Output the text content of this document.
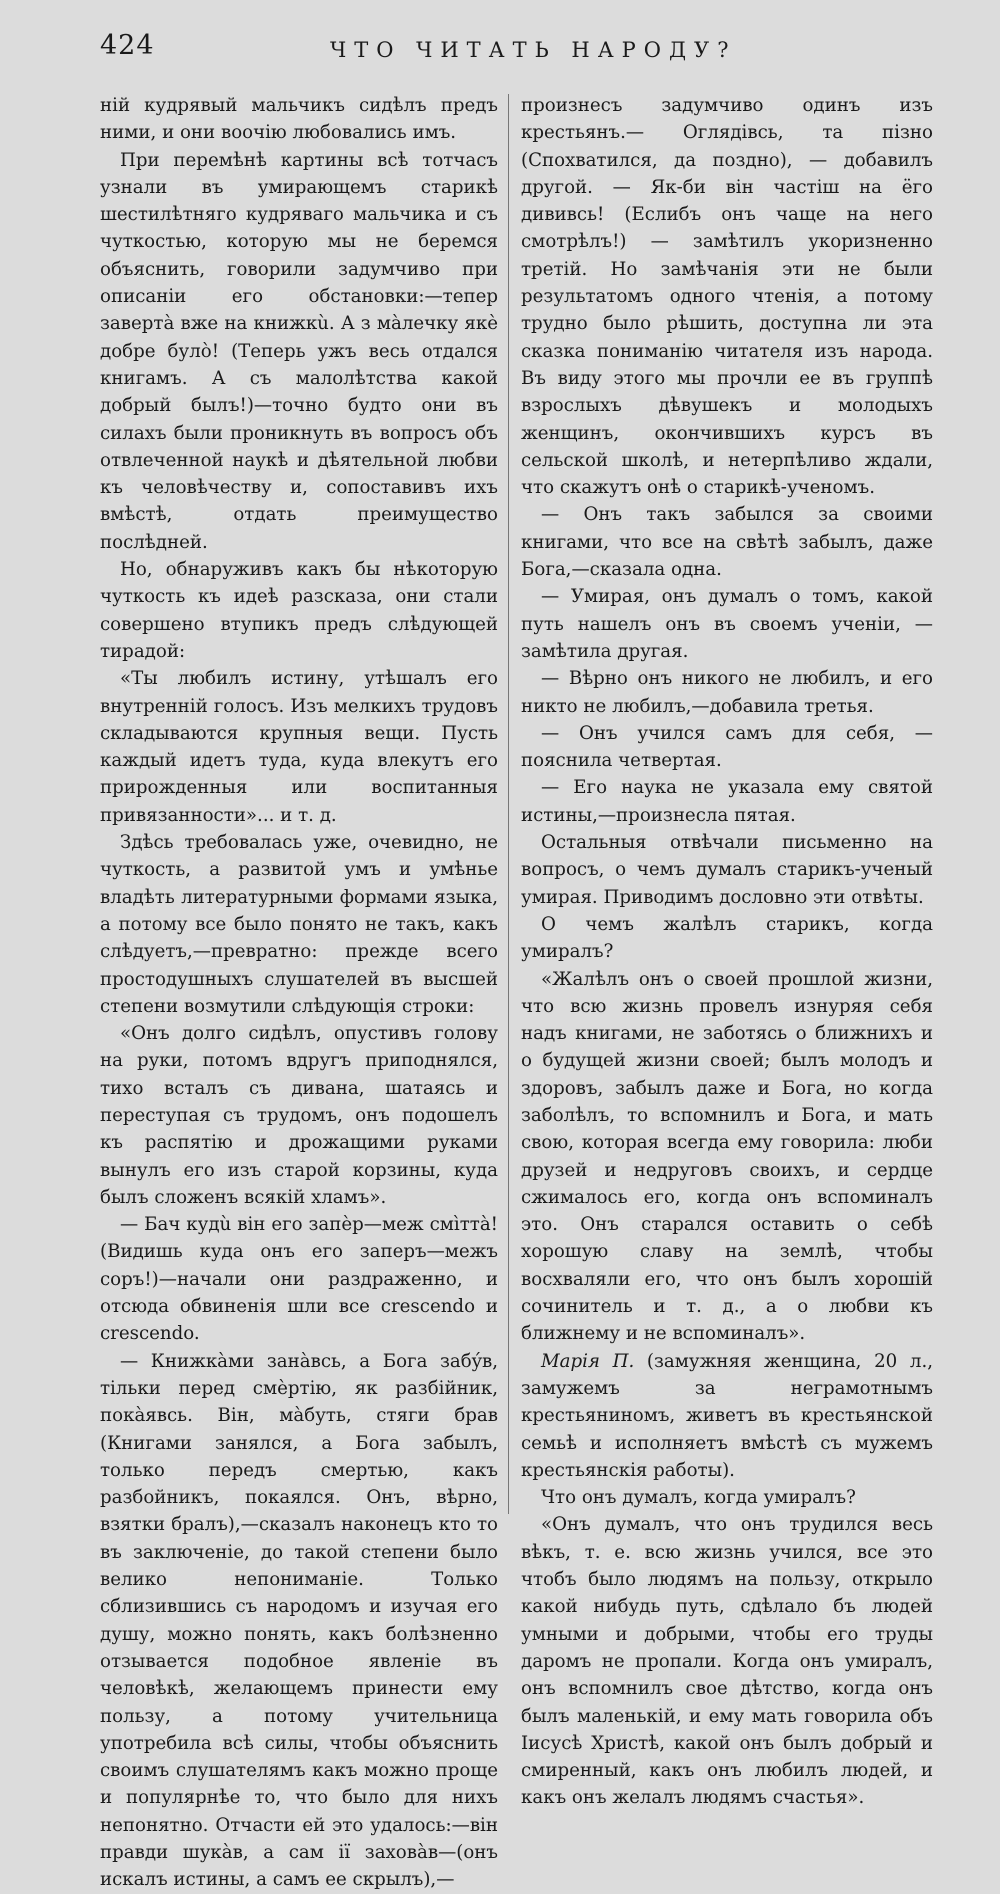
424	ЧТО ЧИТАТЬ НАРОДУ?

ній кудрявый мальчикъ сидѣлъ предъ ними, и они воочію любовались имъ.

При перемѣнѣ картины всѣ тотчасъ узнали въ умирающемъ старикѣ шестилѣтняго кудряваго мальчика и съ чуткостью, которую мы не беремся объяснить, говорили задумчиво при описаніи его обстановки:—тепер завертà вже на книжкù. А з мàлечку якѐ добре булò! (Теперь ужъ весь отдался книгамъ. А съ малолѣтства какой добрый былъ!)—точно будто они въ силахъ были проникнуть въ вопросъ объ отвлеченной наукѣ и дѣятельной любви къ человѣчеству и, сопоставивъ ихъ вмѣстѣ, отдать преимущество послѣдней.

Но, обнаруживъ какъ бы нѣкоторую чуткость къ идеѣ разсказа, они стали совершено втупикъ предъ слѣдующей тирадой:

«Ты любилъ истину, утѣшалъ его внутренній голосъ. Изъ мелкихъ трудовъ складываются крупныя вещи. Пусть каждый идетъ туда, куда влекутъ его прирожденныя или воспитанныя привязанности»... и т. д.

Здѣсь требовалась уже, очевидно, не чуткость, а развитой умъ и умѣнье владѣть литературными формами языка, а потому все было понято не такъ, какъ слѣдуетъ,—превратно: прежде всего простодушныхъ слушателей въ высшей степени возмутили слѣдующія строки:

«Онъ долго сидѣлъ, опустивъ голову на руки, потомъ вдругъ приподнялся, тихо всталъ съ дивана, шатаясь и переступая съ трудомъ, онъ подошелъ къ распятію и дрожащими руками вынулъ его изъ старой корзины, куда былъ сложенъ всякій хламъ».

— Бач кудù він его запèр—меж смìттà! (Видишь куда онъ его заперъ—межъ соръ!)—начали они раздраженно, и отсюда обвиненія шли все crescendo и crescendo.

— Книжкàми занàвсь, а Бога забýв, тільки перед смèртію, як разбійник, покàявсь. Він, мàбуть, стяги брав (Книгами занялся, а Бога забылъ, только передъ смертью, какъ разбойникъ, покаялся. Онъ, вѣрно, взятки бралъ),—сказалъ наконецъ кто то въ заключеніе, до такой степени было велико непониманіе. Только сблизившись съ народомъ и изучая его душу, можно понять, какъ болѣзненно отзывается подобное явленіе въ человѣкѣ, желающемъ принести ему пользу, а потому учительница употребила всѣ силы, чтобы объяснить своимъ слушателямъ какъ можно проще и популярнѣе то, что было для нихъ непонятно. Отчасти ей это удалось:—він правди шукàв, а сам ії заховàв—(онъ искалъ истины, а самъ ее скрылъ),—

произнесъ задумчиво одинъ изъ крестьянъ.— Оглядівсь, та пізно (Спохватился, да поздно), — добавилъ другой. — Як-би він частіш на ёго дививсь! (Еслибъ онъ чаще на него смотрѣлъ!) — замѣтилъ укоризненно третій. Но замѣчанія эти не были результатомъ одного чтенія, а потому трудно было рѣшить, доступна ли эта сказка пониманію читателя изъ народа. Въ виду этого мы прочли ее въ группѣ взрослыхъ дѣвушекъ и молодыхъ женщинъ, окончившихъ курсъ въ сельской школѣ, и нетерпѣливо ждали, что скажутъ онѣ о старикѣ-ученомъ.

— Онъ такъ забылся за своими книгами, что все на свѣтѣ забылъ, даже Бога,—сказала одна.

— Умирая, онъ думалъ о томъ, какой путь нашелъ онъ въ своемъ ученіи, — замѣтила другая.

— Вѣрно онъ никого не любилъ, и его никто не любилъ,—добавила третья.

— Онъ учился самъ для себя, — пояснила четвертая.

— Его наука не указала ему святой истины,—произнесла пятая.

Остальныя отвѣчали письменно на вопросъ, о чемъ думалъ старикъ-ученый умирая. Приводимъ дословно эти отвѣты.

О чемъ жалѣлъ старикъ, когда умиралъ?

«Жалѣлъ онъ о своей прошлой жизни, что всю жизнь провелъ изнуряя себя надъ книгами, не заботясь о ближнихъ и о будущей жизни своей; былъ молодъ и здоровъ, забылъ даже и Бога, но когда заболѣлъ, то вспомнилъ и Бога, и мать свою, которая всегда ему говорила: люби друзей и недруговъ своихъ, и сердце сжималось его, когда онъ вспоминалъ это. Онъ старался оставить о себѣ хорошую славу на землѣ, чтобы восхваляли его, что онъ былъ хорошій сочинитель и т. д., а о любви къ ближнему и не вспоминалъ».

Марія П. (замужняя женщина, 20 л., замужемъ за неграмотнымъ крестьяниномъ, живетъ въ крестьянской семьѣ и исполняетъ вмѣстѣ съ мужемъ крестьянскія работы).

Что онъ думалъ, когда умиралъ?

«Онъ думалъ, что онъ трудился весь вѣкъ, т. е. всю жизнь учился, все это чтобъ было людямъ на пользу, открыло какой нибудь путь, сдѣлало бъ людей умными и добрыми, чтобы его труды даромъ не пропали. Когда онъ умиралъ, онъ вспомнилъ свое дѣтство, когда онъ былъ маленькій, и ему мать говорила объ Іисусѣ Христѣ, какой онъ былъ добрый и смиренный, какъ онъ любилъ людей, и какъ онъ желалъ людямъ счастья».
